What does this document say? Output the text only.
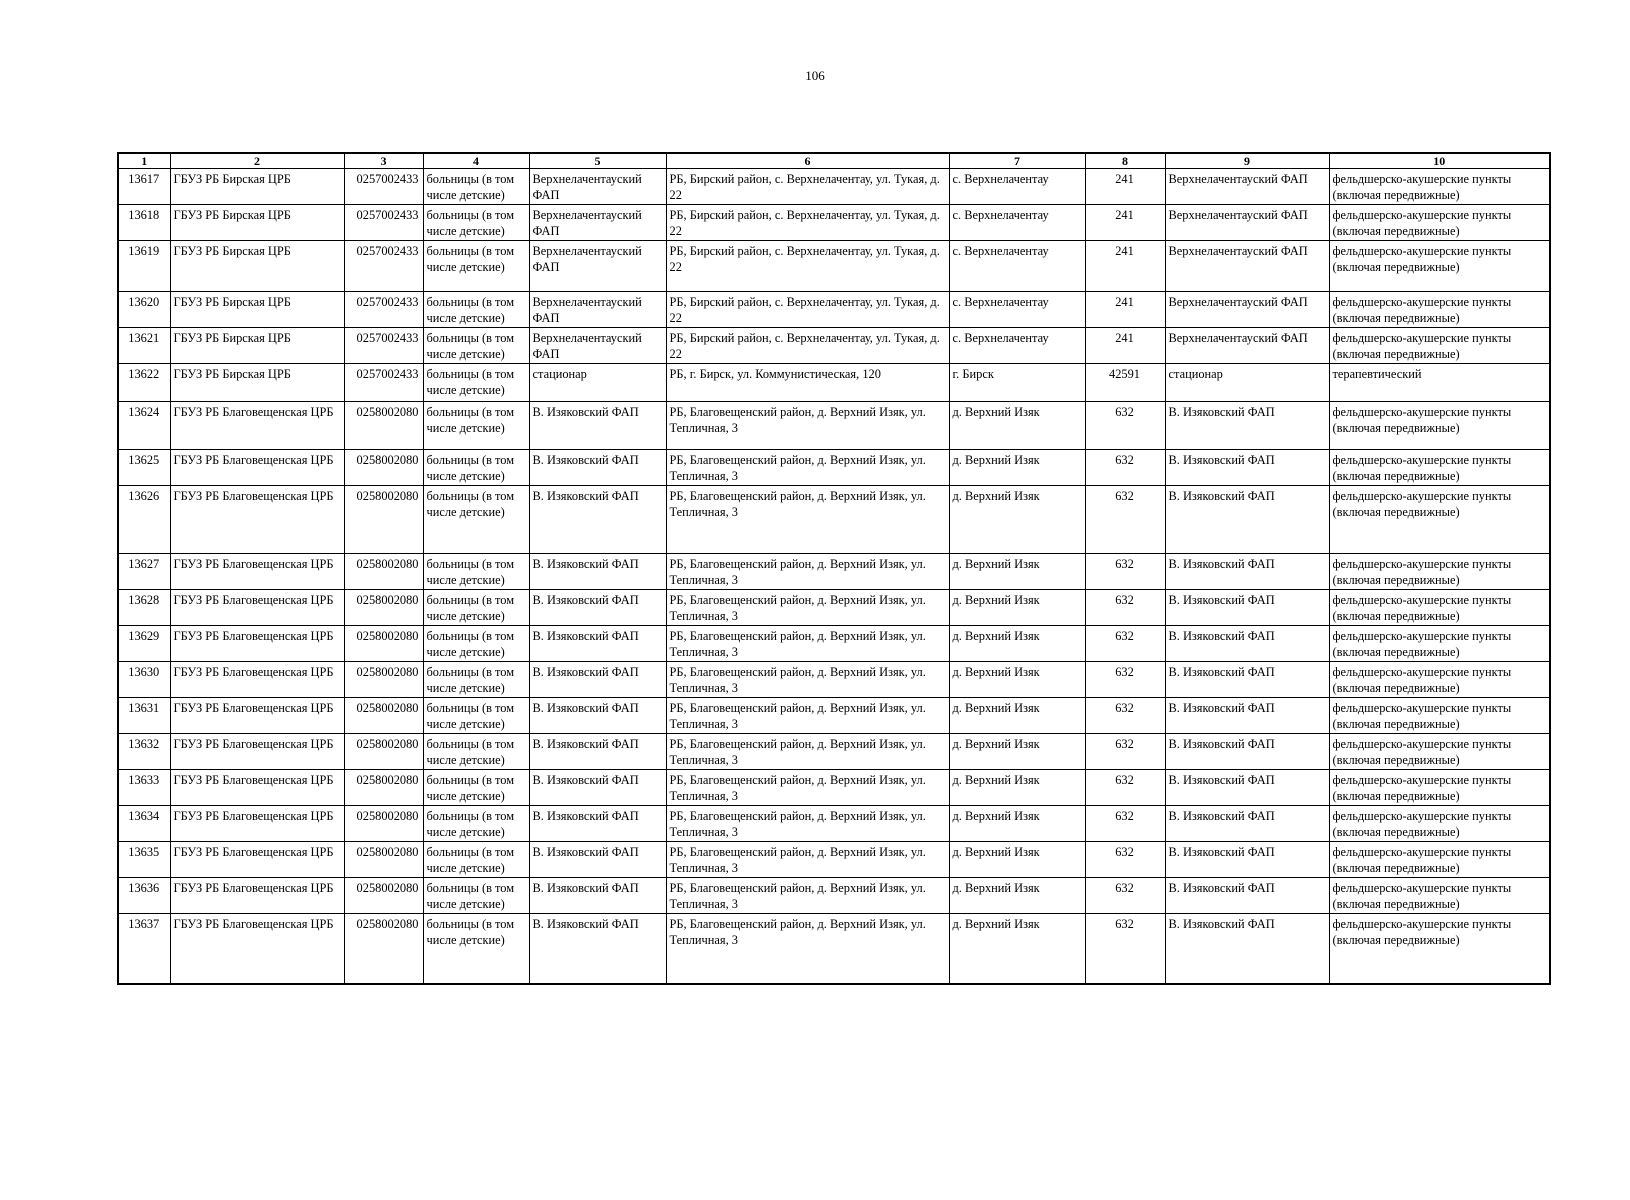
106
1	2	3	4	5	6	7	8	9	10
13617	ГБУЗ РБ Бирская ЦРБ	0257002433	больницы (в том числе детские)	Верхнелачентауский ФАП	РБ, Бирский район, с. Верхнелачентау, ул. Тукая, д. 22	с. Верхнелачентау	241	Верхнелачентауский ФАП	фельдшерско-акушерские пункты (включая передвижные)
13618	ГБУЗ РБ Бирская ЦРБ	0257002433	больницы (в том числе детские)	Верхнелачентауский ФАП	РБ, Бирский район, с. Верхнелачентау, ул. Тукая, д. 22	с. Верхнелачентау	241	Верхнелачентауский ФАП	фельдшерско-акушерские пункты (включая передвижные)
13619	ГБУЗ РБ Бирская ЦРБ	0257002433	больницы (в том числе детские)	Верхнелачентауский ФАП	РБ, Бирский район, с. Верхнелачентау, ул. Тукая, д. 22	с. Верхнелачентау	241	Верхнелачентауский ФАП	фельдшерско-акушерские пункты (включая передвижные)
13620	ГБУЗ РБ Бирская ЦРБ	0257002433	больницы (в том числе детские)	Верхнелачентауский ФАП	РБ, Бирский район, с. Верхнелачентау, ул. Тукая, д. 22	с. Верхнелачентау	241	Верхнелачентауский ФАП	фельдшерско-акушерские пункты (включая передвижные)
13621	ГБУЗ РБ Бирская ЦРБ	0257002433	больницы (в том числе детские)	Верхнелачентауский ФАП	РБ, Бирский район, с. Верхнелачентау, ул. Тукая, д. 22	с. Верхнелачентау	241	Верхнелачентауский ФАП	фельдшерско-акушерские пункты (включая передвижные)
13622	ГБУЗ РБ Бирская ЦРБ	0257002433	больницы (в том числе детские)	стационар	РБ, г. Бирск, ул. Коммунистическая, 120	г. Бирск	42591	стационар	терапевтический
13624	ГБУЗ РБ Благовещенская ЦРБ	0258002080	больницы (в том числе детские)	В. Изяковский ФАП	РБ, Благовещенский район, д. Верхний Изяк, ул. Тепличная, 3	д. Верхний Изяк	632	В. Изяковский ФАП	фельдшерско-акушерские пункты (включая передвижные)
13625	ГБУЗ РБ Благовещенская ЦРБ	0258002080	больницы (в том числе детские)	В. Изяковский ФАП	РБ, Благовещенский район, д. Верхний Изяк, ул. Тепличная, 3	д. Верхний Изяк	632	В. Изяковский ФАП	фельдшерско-акушерские пункты (включая передвижные)
13626	ГБУЗ РБ Благовещенская ЦРБ	0258002080	больницы (в том числе детские)	В. Изяковский ФАП	РБ, Благовещенский район, д. Верхний Изяк, ул. Тепличная, 3	д. Верхний Изяк	632	В. Изяковский ФАП	фельдшерско-акушерские пункты (включая передвижные)
13627	ГБУЗ РБ Благовещенская ЦРБ	0258002080	больницы (в том числе детские)	В. Изяковский ФАП	РБ, Благовещенский район, д. Верхний Изяк, ул. Тепличная, 3	д. Верхний Изяк	632	В. Изяковский ФАП	фельдшерско-акушерские пункты (включая передвижные)
13628	ГБУЗ РБ Благовещенская ЦРБ	0258002080	больницы (в том числе детские)	В. Изяковский ФАП	РБ, Благовещенский район, д. Верхний Изяк, ул. Тепличная, 3	д. Верхний Изяк	632	В. Изяковский ФАП	фельдшерско-акушерские пункты (включая передвижные)
13629	ГБУЗ РБ Благовещенская ЦРБ	0258002080	больницы (в том числе детские)	В. Изяковский ФАП	РБ, Благовещенский район, д. Верхний Изяк, ул. Тепличная, 3	д. Верхний Изяк	632	В. Изяковский ФАП	фельдшерско-акушерские пункты (включая передвижные)
13630	ГБУЗ РБ Благовещенская ЦРБ	0258002080	больницы (в том числе детские)	В. Изяковский ФАП	РБ, Благовещенский район, д. Верхний Изяк, ул. Тепличная, 3	д. Верхний Изяк	632	В. Изяковский ФАП	фельдшерско-акушерские пункты (включая передвижные)
13631	ГБУЗ РБ Благовещенская ЦРБ	0258002080	больницы (в том числе детские)	В. Изяковский ФАП	РБ, Благовещенский район, д. Верхний Изяк, ул. Тепличная, 3	д. Верхний Изяк	632	В. Изяковский ФАП	фельдшерско-акушерские пункты (включая передвижные)
13632	ГБУЗ РБ Благовещенская ЦРБ	0258002080	больницы (в том числе детские)	В. Изяковский ФАП	РБ, Благовещенский район, д. Верхний Изяк, ул. Тепличная, 3	д. Верхний Изяк	632	В. Изяковский ФАП	фельдшерско-акушерские пункты (включая передвижные)
13633	ГБУЗ РБ Благовещенская ЦРБ	0258002080	больницы (в том числе детские)	В. Изяковский ФАП	РБ, Благовещенский район, д. Верхний Изяк, ул. Тепличная, 3	д. Верхний Изяк	632	В. Изяковский ФАП	фельдшерско-акушерские пункты (включая передвижные)
13634	ГБУЗ РБ Благовещенская ЦРБ	0258002080	больницы (в том числе детские)	В. Изяковский ФАП	РБ, Благовещенский район, д. Верхний Изяк, ул. Тепличная, 3	д. Верхний Изяк	632	В. Изяковский ФАП	фельдшерско-акушерские пункты (включая передвижные)
13635	ГБУЗ РБ Благовещенская ЦРБ	0258002080	больницы (в том числе детские)	В. Изяковский ФАП	РБ, Благовещенский район, д. Верхний Изяк, ул. Тепличная, 3	д. Верхний Изяк	632	В. Изяковский ФАП	фельдшерско-акушерские пункты (включая передвижные)
13636	ГБУЗ РБ Благовещенская ЦРБ	0258002080	больницы (в том числе детские)	В. Изяковский ФАП	РБ, Благовещенский район, д. Верхний Изяк, ул. Тепличная, 3	д. Верхний Изяк	632	В. Изяковский ФАП	фельдшерско-акушерские пункты (включая передвижные)
13637	ГБУЗ РБ Благовещенская ЦРБ	0258002080	больницы (в том числе детские)	В. Изяковский ФАП	РБ, Благовещенский район, д. Верхний Изяк, ул. Тепличная, 3	д. Верхний Изяк	632	В. Изяковский ФАП	фельдшерско-акушерские пункты (включая передвижные)
